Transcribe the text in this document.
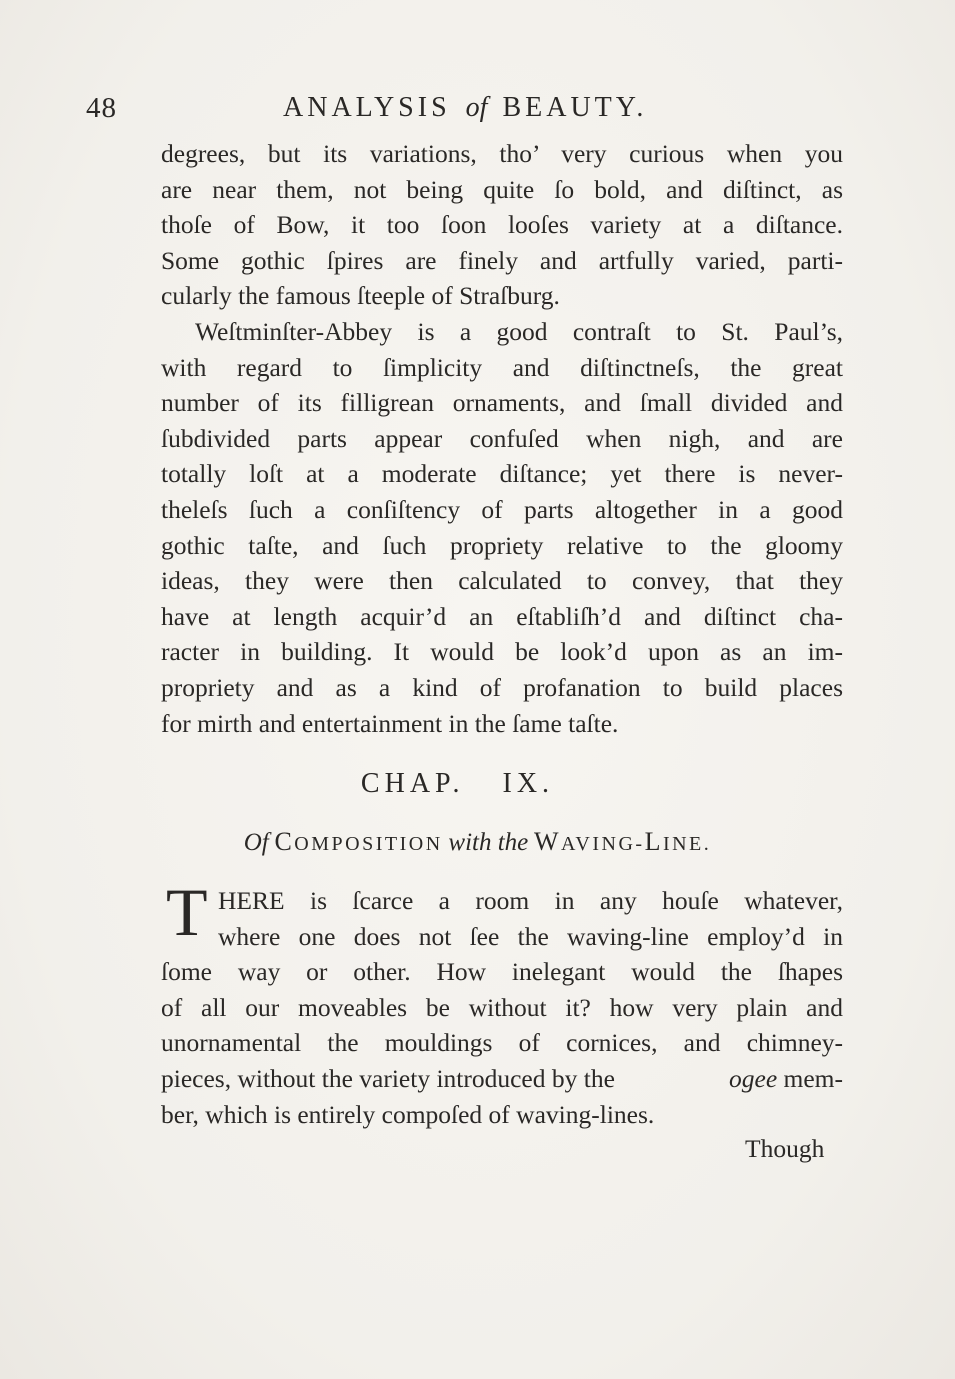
48	ANALYSIS of BEAUTY.
degrees, but its variations, tho’ very curious when you
are near them, not being quite ſo bold, and diſtinct, as
thoſe of Bow, it too ſoon looſes variety at a diſtance.
Some gothic ſpires are finely and artfully varied, parti-
cularly the famous ſteeple of Straſburg.
Weſtminſter-Abbey is a good contraſt to St. Paul’s,
with regard to ſimplicity and diſtinctneſs, the great
number of its filligrean ornaments, and ſmall divided and
ſubdivided parts appear confuſed when nigh, and are
totally loſt at a moderate diſtance; yet there is never-
theleſs ſuch a conſiſtency of parts altogether in a good
gothic taſte, and ſuch propriety relative to the gloomy
ideas, they were then calculated to convey, that they
have at length acquir’d an eſtabliſh’d and diſtinct cha-
racter in building. It would be look’d upon as an im-
propriety and as a kind of profanation to build places
for mirth and entertainment in the ſame taſte.
CHAP. IX.
Of COMPOSITION with the WAVING-LINE.
T HERE is ſcarce a room in any houſe whatever,
where one does not ſee the waving-line employ’d in
ſome way or other. How inelegant would the ſhapes
of all our moveables be without it? how very plain and
unornamental the mouldings of cornices, and chimney-
pieces, without the variety introduced by the	ogee mem-
ber, which is entirely compoſed of waving-lines.
Though
